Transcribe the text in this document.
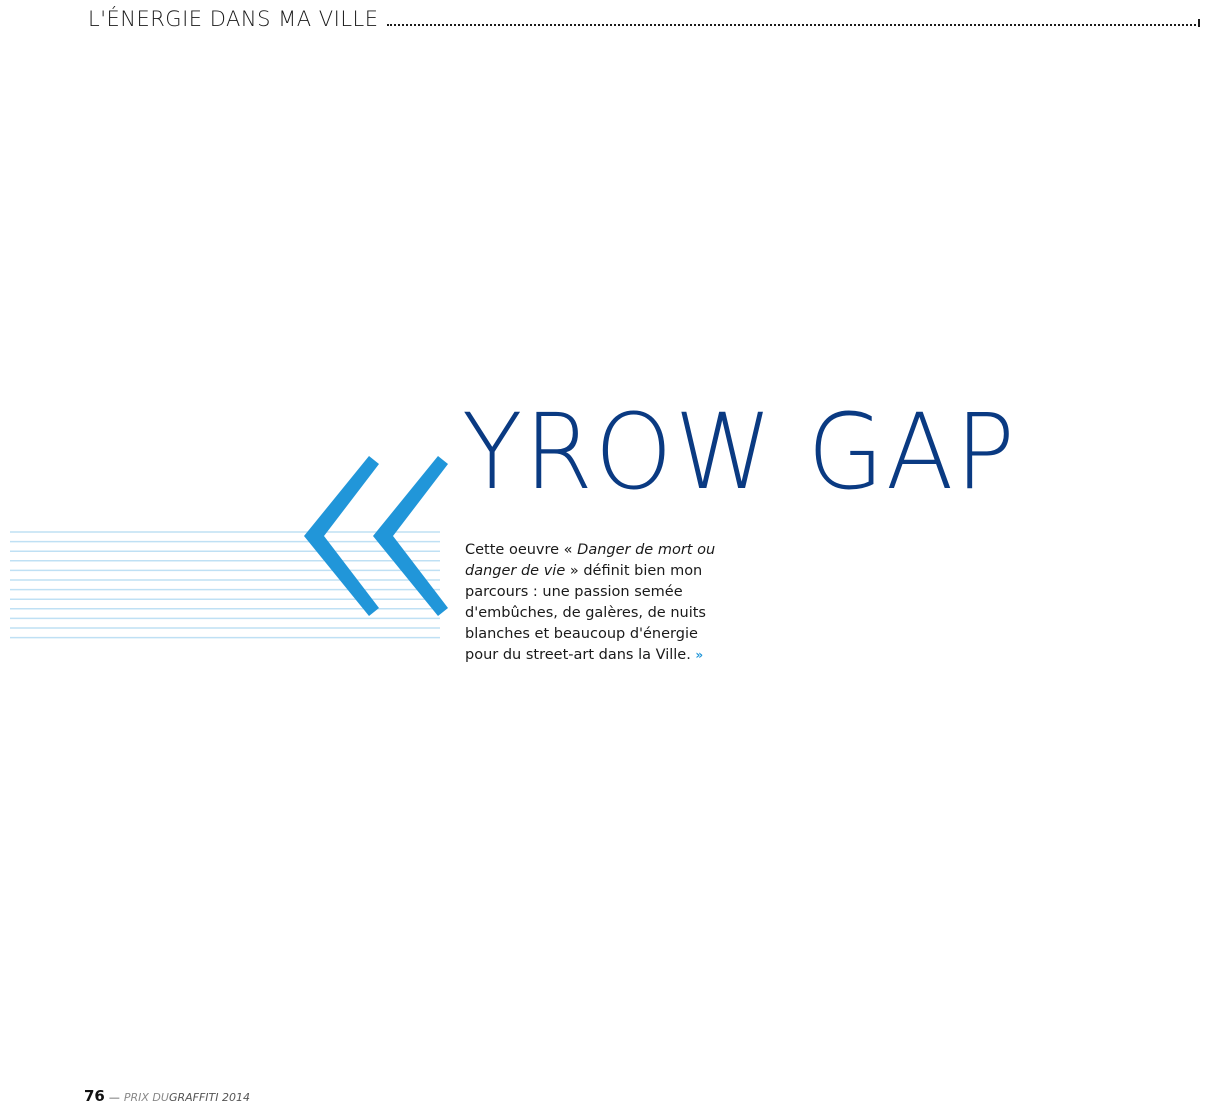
L'ÉNERGIE DANS MA VILLE
YROW GAP

Cette oeuvre « Danger de mort ou danger de vie » définit bien mon parcours : une passion semée d'embûches, de galères, de nuits blanches et beaucoup d'énergie pour du street-art dans la Ville. »

76 — PRIX DU GRAFFITI 2014
